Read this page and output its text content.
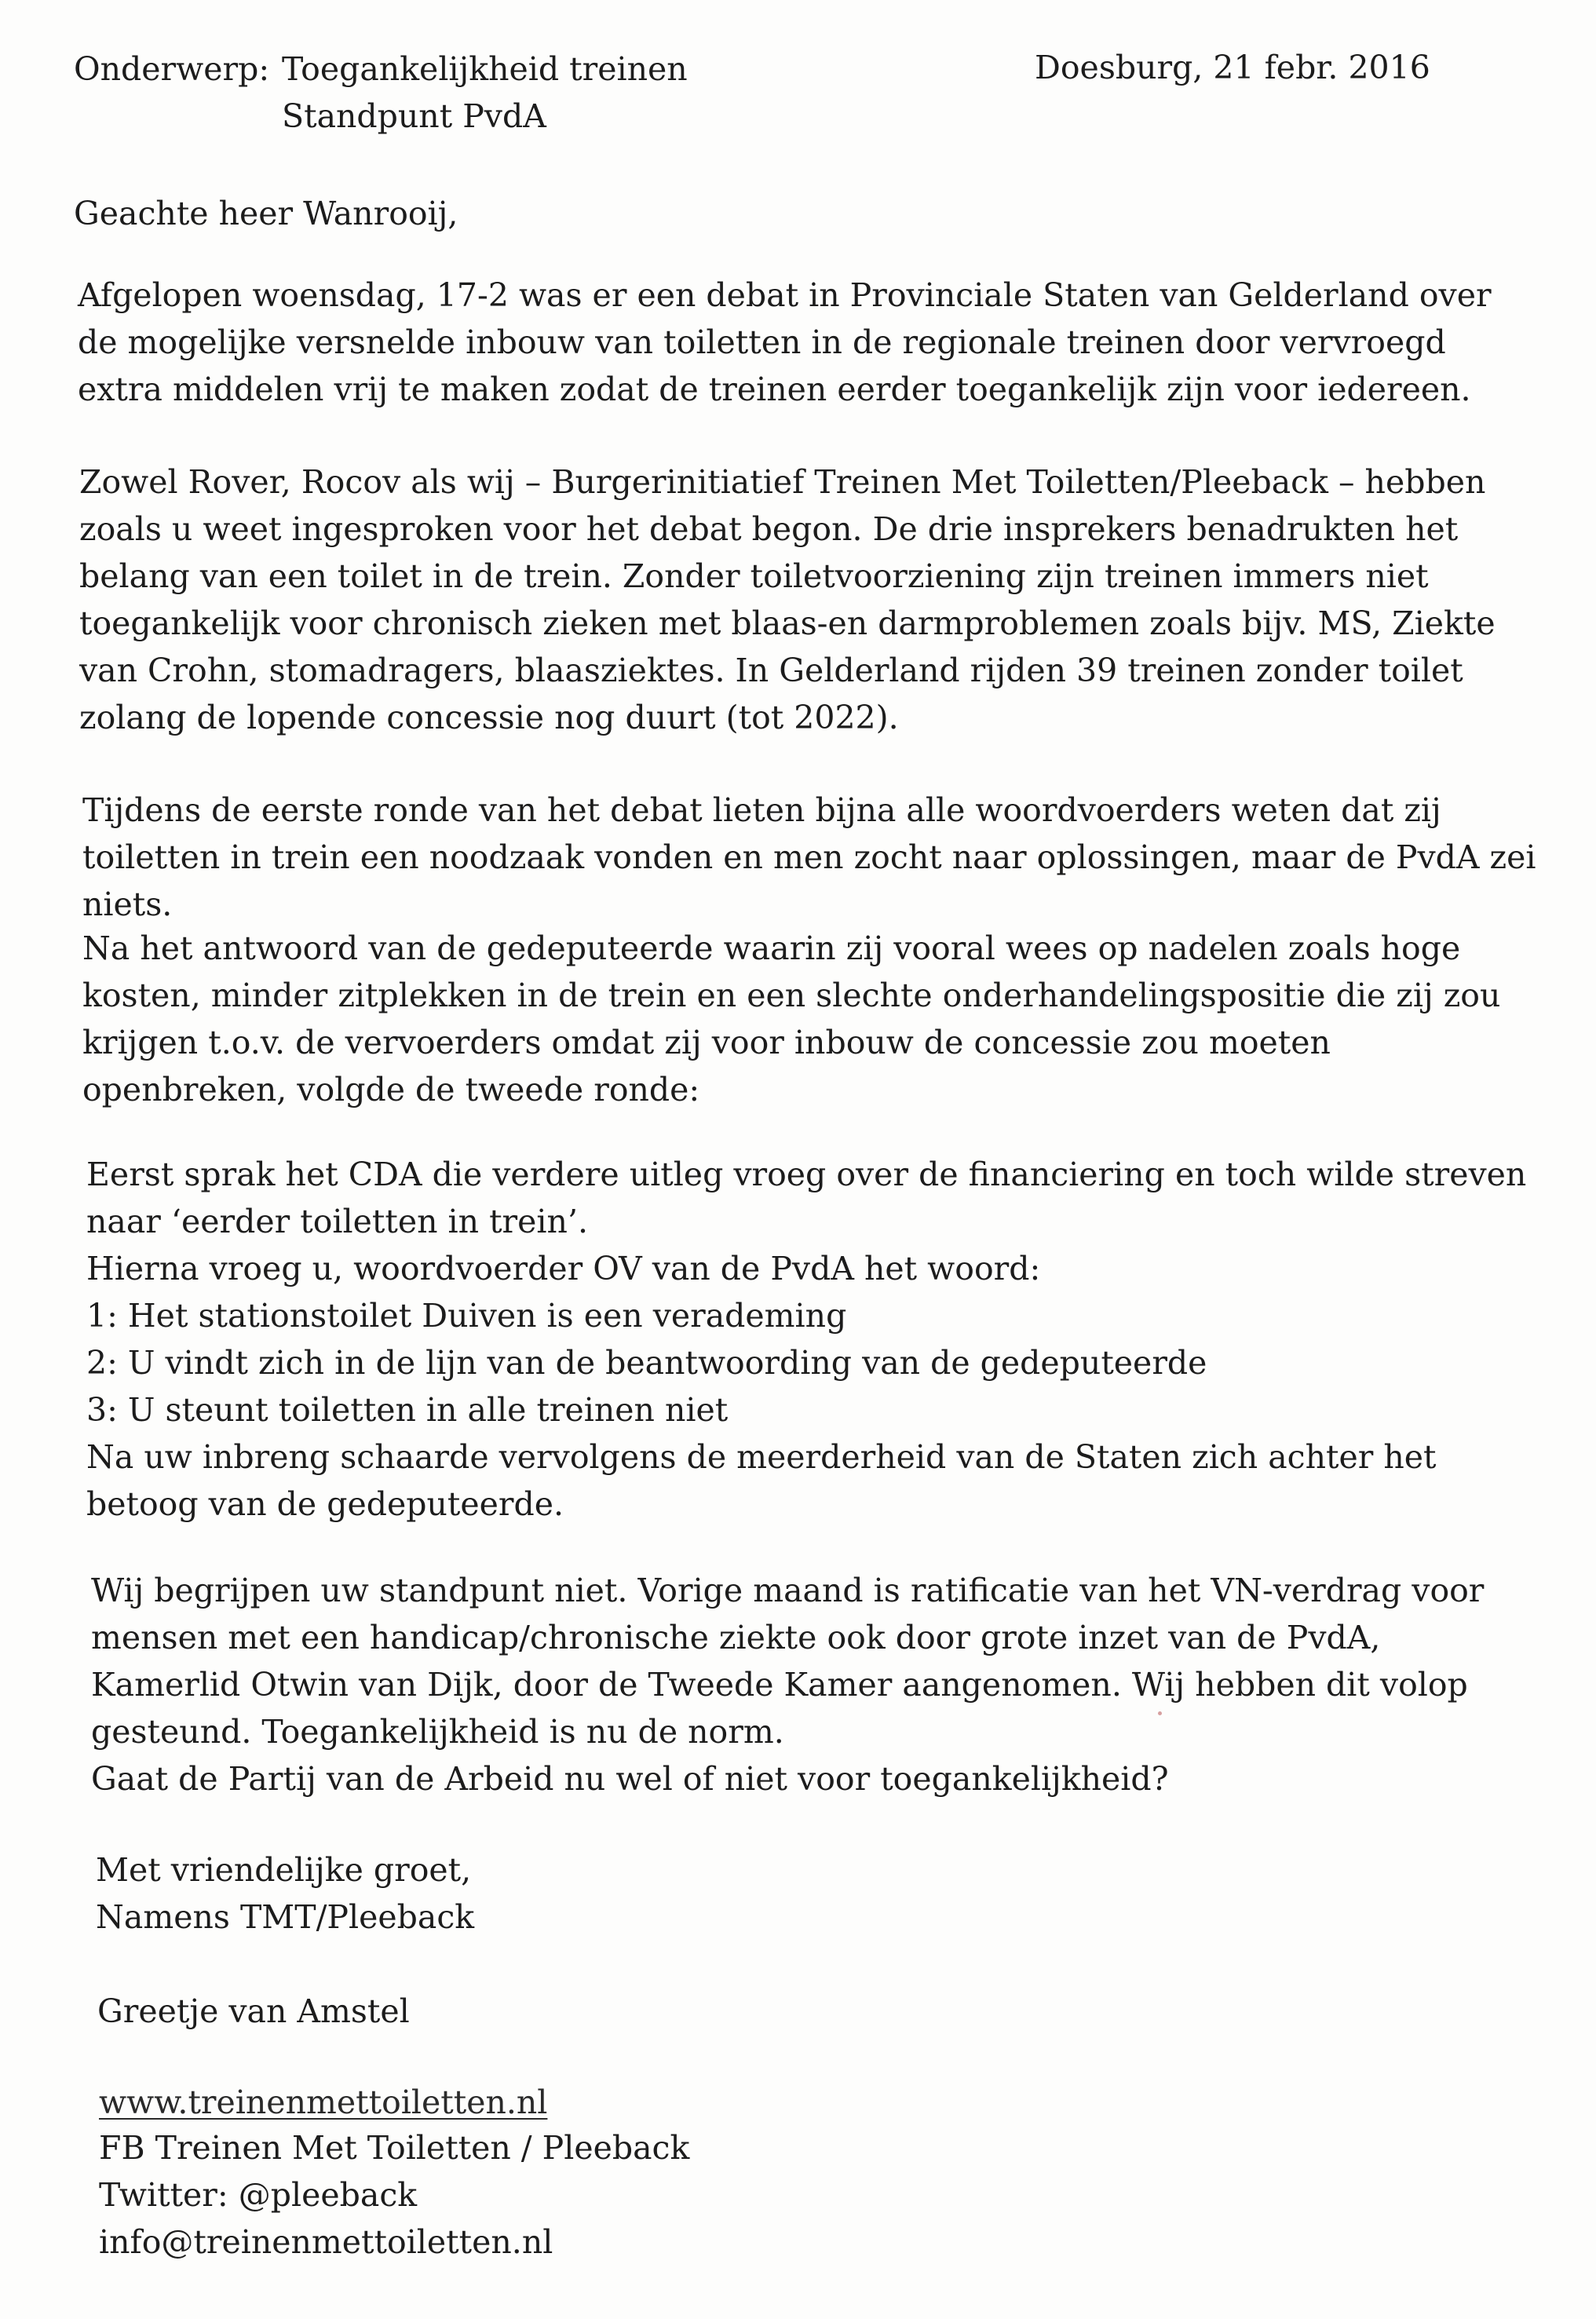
Onderwerp: Toegankelijkheid treinen
Standpunt PvdA
Doesburg, 21 febr. 2016
Geachte heer Wanrooij,
Afgelopen woensdag, 17-2 was er een debat in Provinciale Staten van Gelderland over
de mogelijke versnelde inbouw van toiletten in de regionale treinen door vervroegd
extra middelen vrij te maken zodat de treinen eerder toegankelijk zijn voor iedereen.
Zowel Rover, Rocov als wij – Burgerinitiatief Treinen Met Toiletten/Pleeback – hebben
zoals u weet ingesproken voor het debat begon. De drie insprekers benadrukten het
belang van een toilet in de trein. Zonder toiletvoorziening zijn treinen immers niet
toegankelijk voor chronisch zieken met blaas-en darmproblemen zoals bijv. MS, Ziekte
van Crohn, stomadragers, blaasziektes. In Gelderland rijden 39 treinen zonder toilet
zolang de lopende concessie nog duurt (tot 2022).
Tijdens de eerste ronde van het debat lieten bijna alle woordvoerders weten dat zij
toiletten in trein een noodzaak vonden en men zocht naar oplossingen, maar de PvdA zei
niets.
Na het antwoord van de gedeputeerde waarin zij vooral wees op nadelen zoals hoge
kosten, minder zitplekken in de trein en een slechte onderhandelingspositie die zij zou
krijgen t.o.v. de vervoerders omdat zij voor inbouw de concessie zou moeten
openbreken, volgde de tweede ronde:
Eerst sprak het CDA die verdere uitleg vroeg over de financiering en toch wilde streven
naar ‘eerder toiletten in trein’.
Hierna vroeg u, woordvoerder OV van de PvdA het woord:
1: Het stationstoilet Duiven is een verademing
2: U vindt zich in de lijn van de beantwoording van de gedeputeerde
3: U steunt toiletten in alle treinen niet
Na uw inbreng schaarde vervolgens de meerderheid van de Staten zich achter het
betoog van de gedeputeerde.
Wij begrijpen uw standpunt niet. Vorige maand is ratificatie van het VN-verdrag voor
mensen met een handicap/chronische ziekte ook door grote inzet van de PvdA,
Kamerlid Otwin van Dijk, door de Tweede Kamer aangenomen. Wij hebben dit volop
gesteund. Toegankelijkheid is nu de norm.
Gaat de Partij van de Arbeid nu wel of niet voor toegankelijkheid?
Met vriendelijke groet,
Namens TMT/Pleeback
Greetje van Amstel
www.treinenmettoiletten.nl
FB Treinen Met Toiletten / Pleeback
Twitter: @pleeback
info@treinenmettoiletten.nl
